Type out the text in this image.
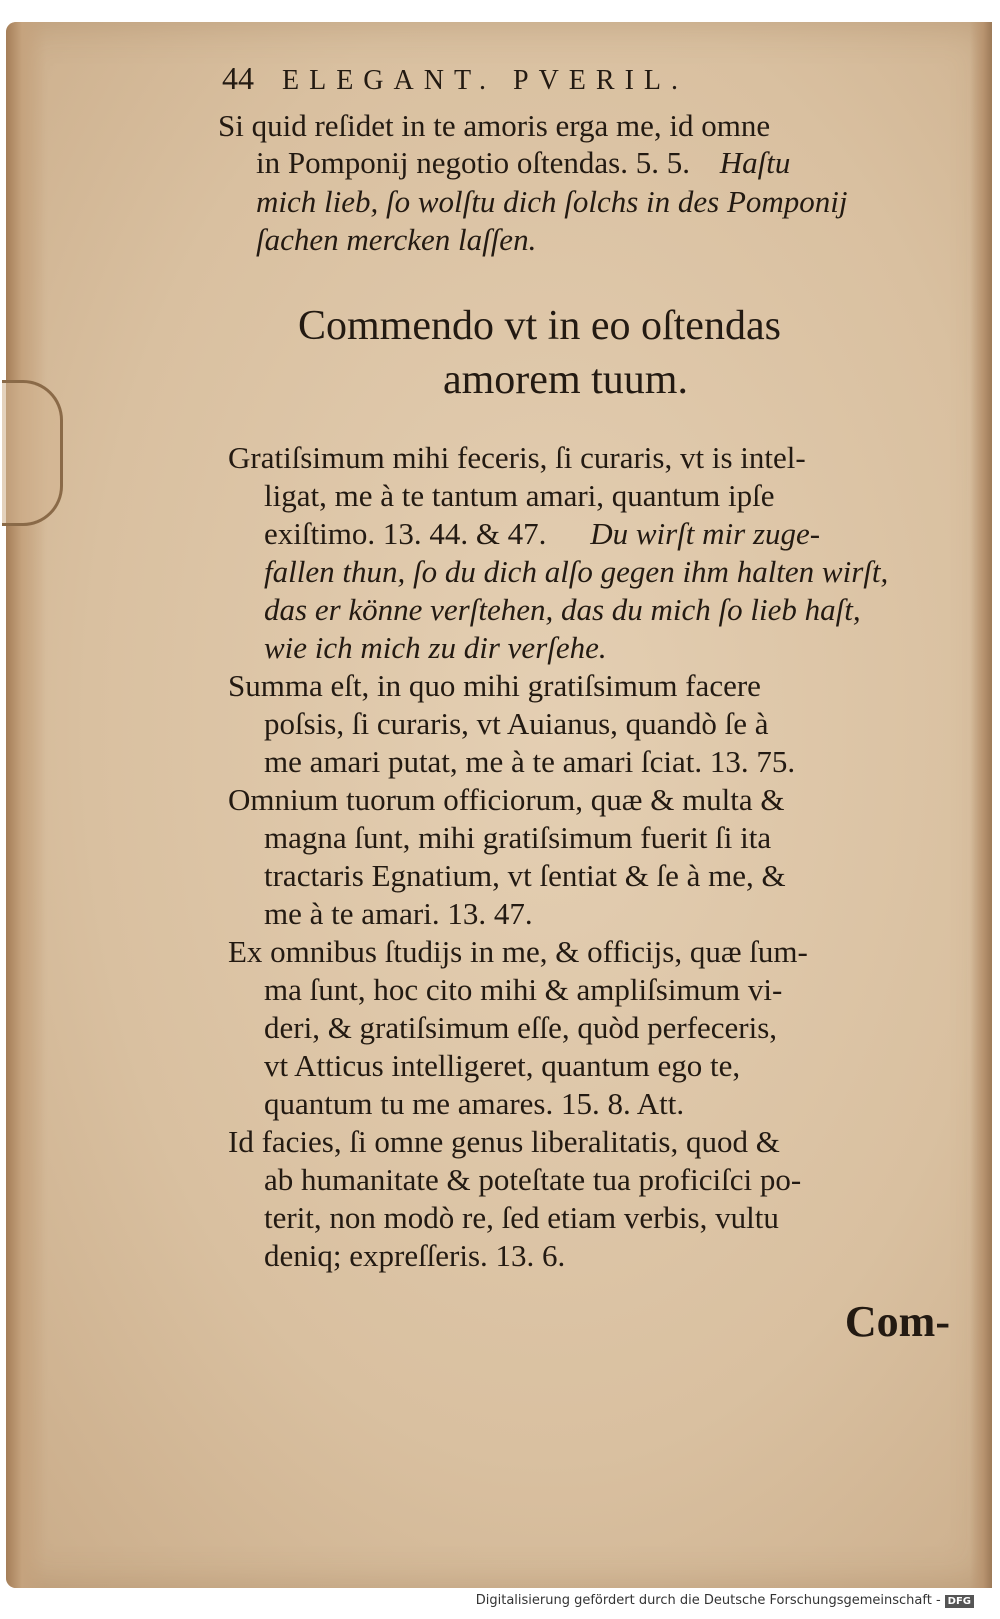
44 ELEGANT. PVERIL.
Si quid reſidet in te amoris erga me, id omne
in Pomponij negotio oſtendas. 5. 5. Haſtu
mich lieb, ſo wolſtu dich ſolchs in des Pomponij
ſachen mercken laſſen.
Commendo vt in eo oſtendas
amorem tuum.
Gratiſsimum mihi feceris, ſi curaris, vt is intel-
ligat, me à te tantum amari, quantum ipſe
exiſtimo. 13. 44. & 47. Du wirſt mir zuge-
fallen thun, ſo du dich alſo gegen ihm halten wirſt,
das er könne verſtehen, das du mich ſo lieb haſt,
wie ich mich zu dir verſehe.
Summa eſt, in quo mihi gratiſsimum facere
poſsis, ſi curaris, vt Auianus, quandò ſe à
me amari putat, me à te amari ſciat. 13. 75.
Omnium tuorum officiorum, quæ & multa &
magna ſunt, mihi gratiſsimum fuerit ſi ita
tractaris Egnatium, vt ſentiat & ſe à me, &
me à te amari. 13. 47.
Ex omnibus ſtudijs in me, & officijs, quæ ſum-
ma ſunt, hoc cito mihi & ampliſsimum vi-
deri, & gratiſsimum eſſe, quòd perfeceris,
vt Atticus intelligeret, quantum ego te,
quantum tu me amares. 15. 8. Att.
Id facies, ſi omne genus liberalitatis, quod &
ab humanitate & poteſtate tua proficiſci po-
terit, non modò re, ſed etiam verbis, vultu
deniq; expreſſeris. 13. 6.
Com-
Digitalisierung gefördert durch die Deutsche Forschungsgemeinschaft - DFG
